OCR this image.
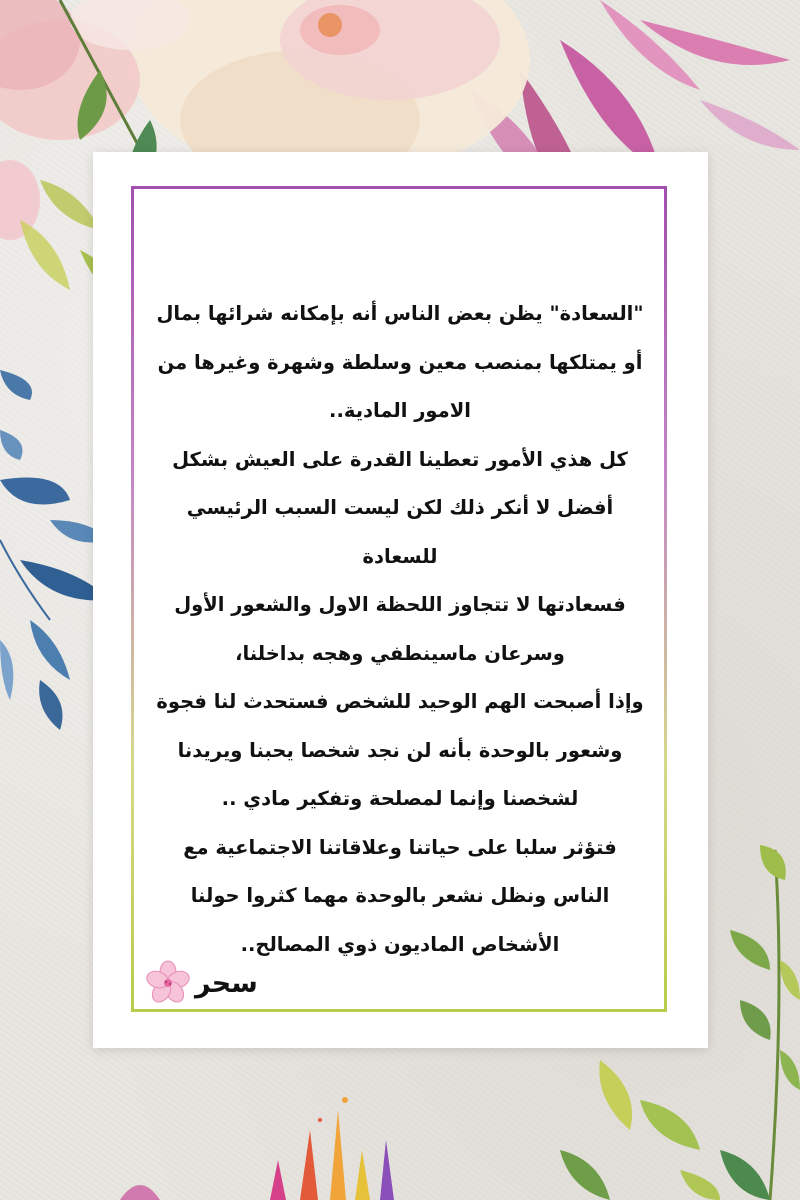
"السعادة" يظن بعض الناس أنه بإمكانه شرائها بمال
أو يمتلكها بمنصب معين وسلطة وشهرة وغيرها من
الامور المادية..
كل هذي الأمور تعطينا القدرة على العيش بشكل
أفضل لا أنكر ذلك لكن ليست السبب الرئيسي
للسعادة
فسعادتها لا تتجاوز اللحظة الاول والشعور الأول
وسرعان ماسينطفي وهجه بداخلنا،
وإذا أصبحت الهم الوحيد للشخص فستحدث لنا فجوة
وشعور بالوحدة بأنه لن نجد شخصا يحبنا ويريدنا
لشخصنا وإنما لمصلحة وتفكير مادي ..
فتؤثر سلبا على حياتنا وعلاقاتنا الاجتماعية مع
الناس ونظل نشعر بالوحدة مهما كثروا حولنا
الأشخاص الماديون ذوي المصالح..
سحر
